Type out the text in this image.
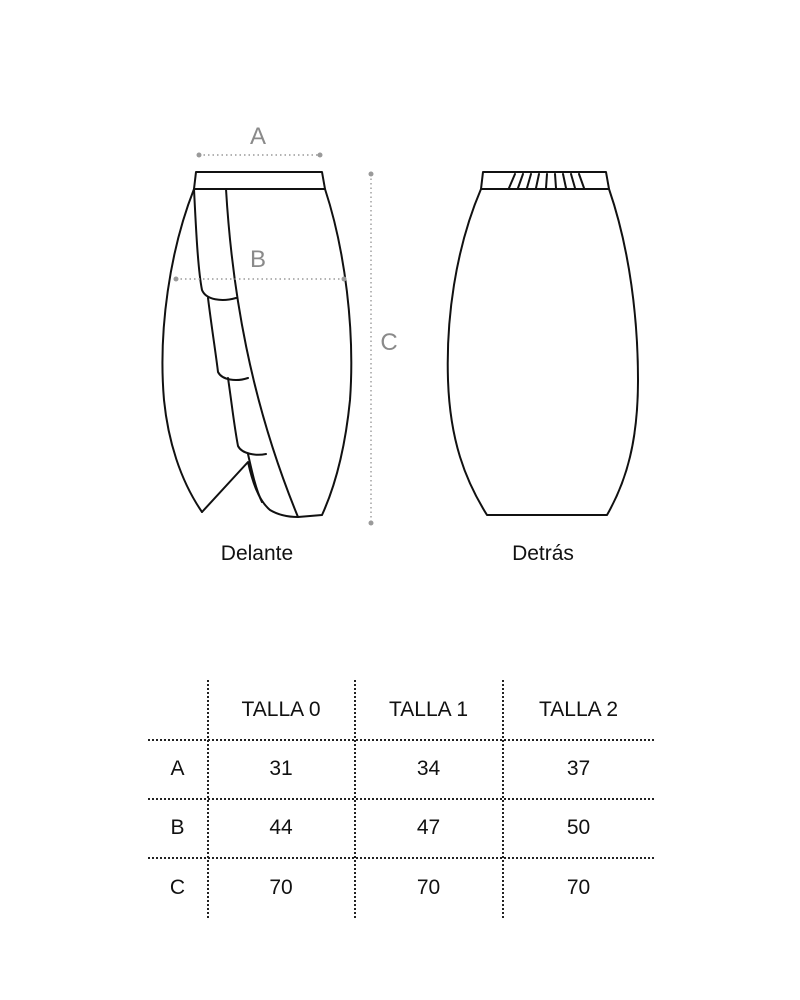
A
B
C
Delante	Detrás
TALLA 0	TALLA 1	TALLA 2
A	31	34	37
B	44	47	50
C	70	70	70
